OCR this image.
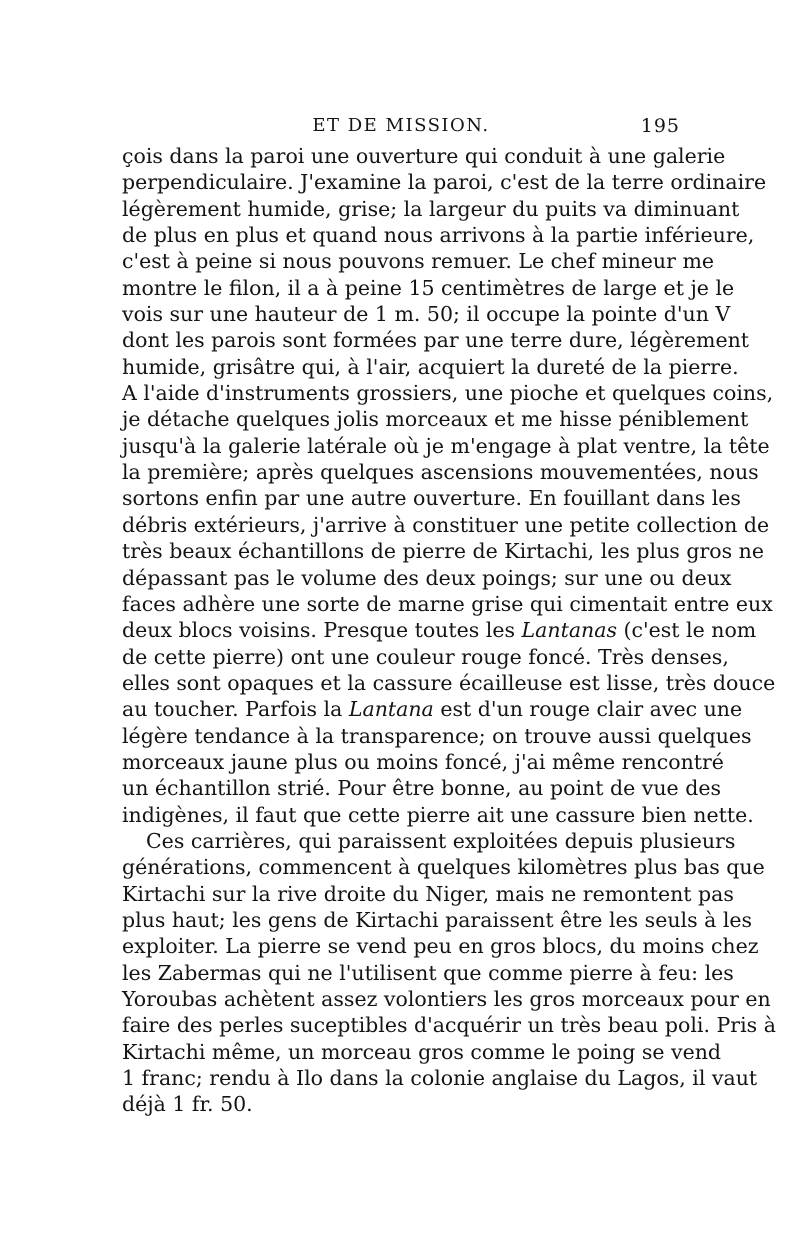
ET DE MISSION.	195
çois dans la paroi une ouverture qui conduit à une galerie
perpendiculaire. J'examine la paroi, c'est de la terre ordinaire
légèrement humide, grise; la largeur du puits va diminuant
de plus en plus et quand nous arrivons à la partie inférieure,
c'est à peine si nous pouvons remuer. Le chef mineur me
montre le filon, il a à peine 15 centimètres de large et je le
vois sur une hauteur de 1 m. 50; il occupe la pointe d'un V
dont les parois sont formées par une terre dure, légèrement
humide, grisâtre qui, à l'air, acquiert la dureté de la pierre.
A l'aide d'instruments grossiers, une pioche et quelques coins,
je détache quelques jolis morceaux et me hisse péniblement
jusqu'à la galerie latérale où je m'engage à plat ventre, la tête
la première; après quelques ascensions mouvementées, nous
sortons enfin par une autre ouverture. En fouillant dans les
débris extérieurs, j'arrive à constituer une petite collection de
très beaux échantillons de pierre de Kirtachi, les plus gros ne
dépassant pas le volume des deux poings; sur une ou deux
faces adhère une sorte de marne grise qui cimentait entre eux
deux blocs voisins. Presque toutes les Lantanas (c'est le nom
de cette pierre) ont une couleur rouge foncé. Très denses,
elles sont opaques et la cassure écailleuse est lisse, très douce
au toucher. Parfois la Lantana est d'un rouge clair avec une
légère tendance à la transparence; on trouve aussi quelques
morceaux jaune plus ou moins foncé, j'ai même rencontré
un échantillon strié. Pour être bonne, au point de vue des
indigènes, il faut que cette pierre ait une cassure bien nette.
Ces carrières, qui paraissent exploitées depuis plusieurs
générations, commencent à quelques kilomètres plus bas que
Kirtachi sur la rive droite du Niger, mais ne remontent pas
plus haut; les gens de Kirtachi paraissent être les seuls à les
exploiter. La pierre se vend peu en gros blocs, du moins chez
les Zabermas qui ne l'utilisent que comme pierre à feu: les
Yoroubas achètent assez volontiers les gros morceaux pour en
faire des perles suceptibles d'acquérir un très beau poli. Pris à
Kirtachi même, un morceau gros comme le poing se vend
1 franc; rendu à Ilo dans la colonie anglaise du Lagos, il vaut
déjà 1 fr. 50.
